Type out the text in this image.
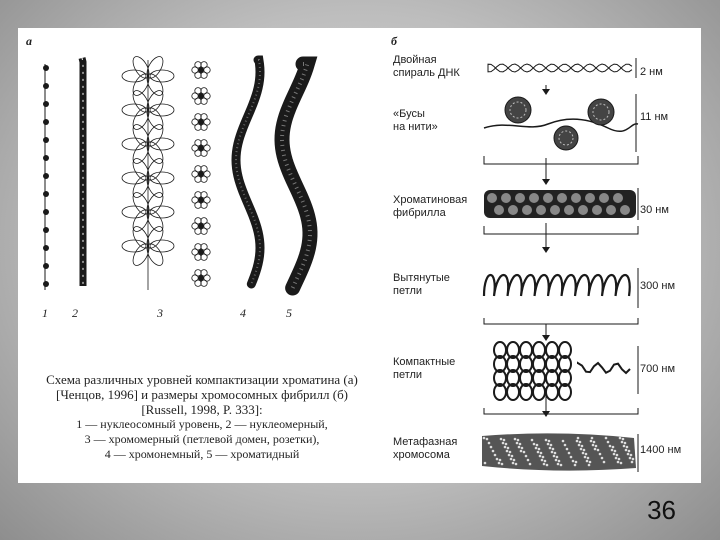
а	б
1 2	3	4	5
Схема различных уровней компактизации хроматина (а) [Ченцов, 1996] и размеры хромосомных фибрилл (б) [Russell, 1998, P. 333]:
1 — нуклеосомный уровень, 2 — нуклеомерный,
3 — хромомерный (петлевой домен, розетки),
4 — хромонемный, 5 — хроматидный
Двойная
спираль ДНК	2 нм
«Бусы
на нити»
11 нм
Хроматиновая
фибрилла	30 нм
Вытянутые
петли	300 нм
Компактные
петли	700 нм
Метафазная
хромосома	1400 нм
36
